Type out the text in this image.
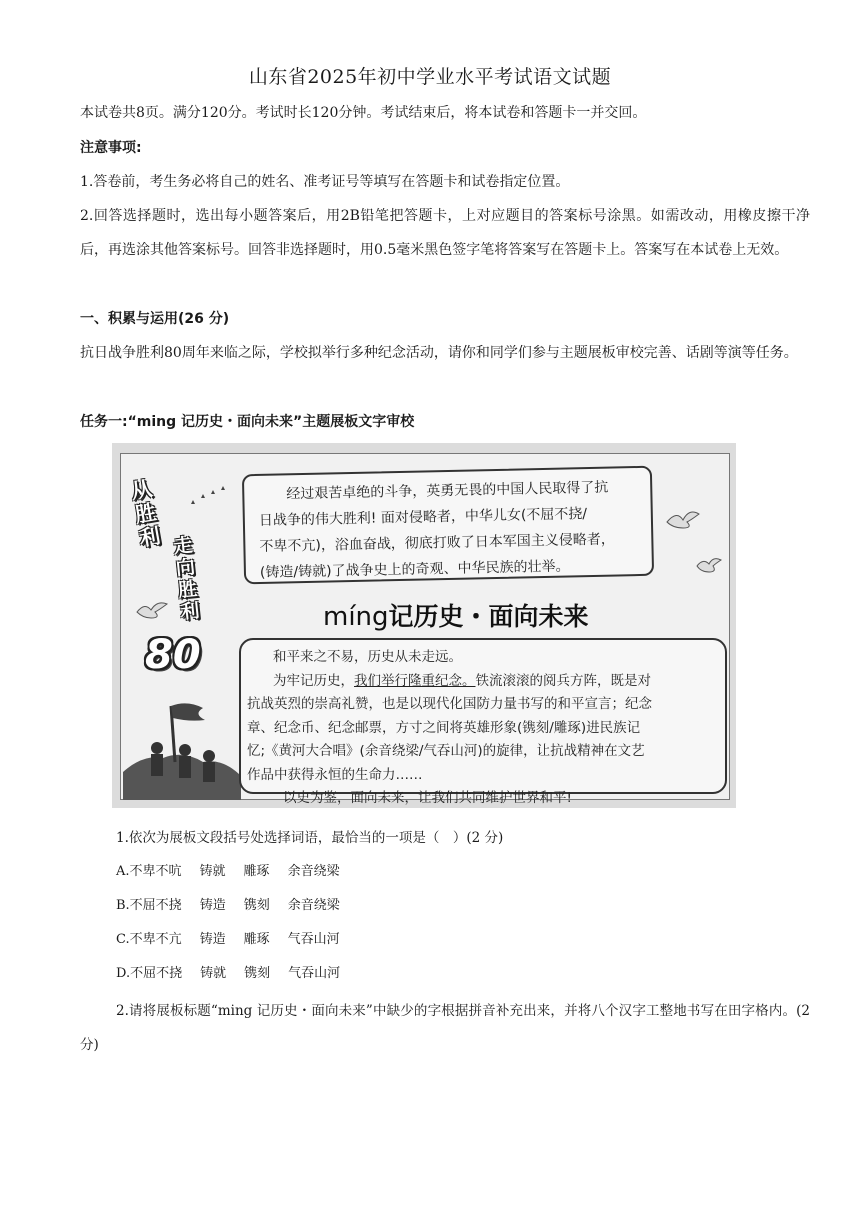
山东省2025年初中学业水平考试语文试题
本试卷共8页。满分120分。考试时长120分钟。考试结束后，将本试卷和答题卡一并交回。
注意事项:
1.答卷前，考生务必将自己的姓名、准考证号等填写在答题卡和试卷指定位置。
2.回答选择题时，选出每小题答案后，用2B铅笔把答题卡，上对应题目的答案标号涂黑。如需改动，用橡皮擦干净后，再选涂其他答案标号。回答非选择题时，用0.5毫米黑色签字笔将答案写在答题卡上。答案写在本试卷上无效。
一、积累与运用(26 分)
抗日战争胜利80周年来临之际，学校拟举行多种纪念活动，请你和同学们参与主题展板审校完善、话剧等演等任务。
任务一:“ming 记历史・面向未来”主题展板文字审校
从胜利 走向胜利
80
经过艰苦卓绝的斗争，英勇无畏的中国人民取得了抗
日战争的伟大胜利! 面对侵略者，中华儿女(不屈不挠/
不卑不亢)，浴血奋战，彻底打败了日本军国主义侵略者，
(铸造/铸就)了战争史上的奇观、中华民族的壮举。
míng记历史・面向未来
和平来之不易，历史从未走远。
为牢记历史，我们举行隆重纪念。铁流滚滚的阅兵方阵，既是对
抗战英烈的崇高礼赞，也是以现代化国防力量书写的和平宣言；纪念
章、纪念币、纪念邮票，方寸之间将英雄形象(镌刻/雕琢)进民族记
忆;《黄河大合唱》(余音绕梁/气吞山河)的旋律，让抗战精神在文艺
作品中获得永恒的生命力……
以史为鉴，面向未来，让我们共同维护世界和平!
1.依次为展板文段括号处选择词语，最恰当的一项是（　）(2 分)
A.不卑不吭 铸就 雕琢 余音绕梁
B.不屈不挠 铸造 镌刻 余音绕梁
C.不卑不亢 铸造 雕琢 气吞山河
D.不屈不挠 铸就 镌刻 气吞山河
2.请将展板标题“ming 记历史・面向未来”中缺少的字根据拼音补充出来，并将八个汉字工整地书写在田字格内。(2 分)
